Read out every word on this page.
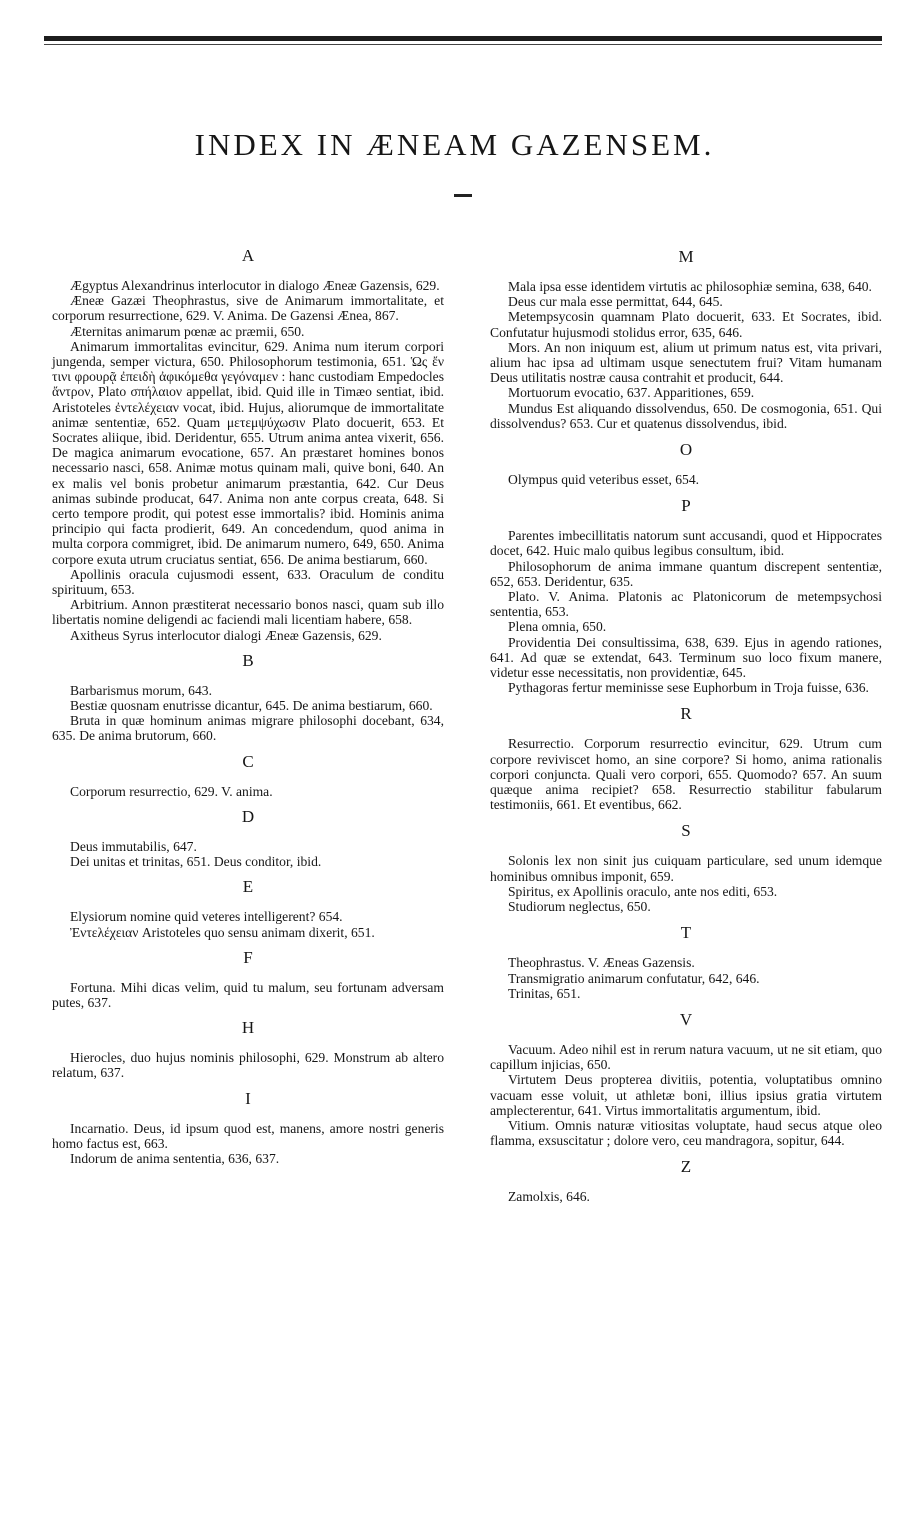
INDEX IN ÆNEAM GAZENSEM.
A

Ægyptus Alexandrinus interlocutor in dialogo Æneæ Gazensis, 629.

Æneæ Gazæi Theophrastus, sive de Animarum immortalitate, et corporum resurrectione, 629. V. Anima. De Gazensi Ænea, 867.

Æternitas animarum pœnæ ac præmii, 650.

Animarum immortalitas evincitur, 629. Anima num iterum corpori jungenda, semper victura, 650. Philosophorum testimonia, 651. Ὡς ἔν τινι φρουρᾷ ἐπειδὴ ἀφικόμεθα γεγόναμεν : hanc custodiam Empedocles ἄντρον, Plato σπήλαιον appellat, ibid. Quid ille in Timæo sentiat, ibid. Aristoteles ἐντελέχειαν vocat, ibid. Hujus, aliorumque de immortalitate animæ sententiæ, 652. Quam μετεμψύχωσιν Plato docuerit, 653. Et Socrates aliique, ibid. Deridentur, 655. Utrum anima antea vixerit, 656. De magica animarum evocatione, 657. An præstaret homines bonos necessario nasci, 658. Animæ motus quinam mali, quive boni, 640. An ex malis vel bonis probetur animarum præstantia, 642. Cur Deus animas subinde producat, 647. Anima non ante corpus creata, 648. Si certo tempore prodit, qui potest esse immortalis? ibid. Hominis anima principio qui facta prodierit, 649. An concedendum, quod anima in multa corpora commigret, ibid. De animarum numero, 649, 650. Anima corpore exuta utrum cruciatus sentiat, 656. De anima bestiarum, 660.

Apollinis oracula cujusmodi essent, 633. Oraculum de conditu spirituum, 653.

Arbitrium. Annon præstiterat necessario bonos nasci, quam sub illo libertatis nomine deligendi ac faciendi mali licentiam habere, 658.

Axitheus Syrus interlocutor dialogi Æneæ Gazensis, 629.

B

Barbarismus morum, 643.

Bestiæ quosnam enutrisse dicantur, 645. De anima bestiarum, 660.

Bruta in quæ hominum animas migrare philosophi docebant, 634, 635. De anima brutorum, 660.

C

Corporum resurrectio, 629. V. anima.

D

Deus immutabilis, 647.

Dei unitas et trinitas, 651. Deus conditor, ibid.

E

Elysiorum nomine quid veteres intelligerent? 654.

Ἐντελέχειαν Aristoteles quo sensu animam dixerit, 651.

F

Fortuna. Mihi dicas velim, quid tu malum, seu fortunam adversam putes, 637.

H

Hierocles, duo hujus nominis philosophi, 629. Monstrum ab altero relatum, 637.

I

Incarnatio. Deus, id ipsum quod est, manens, amore nostri generis homo factus est, 663.

Indorum de anima sententia, 636, 637.

M

Mala ipsa esse identidem virtutis ac philosophiæ semina, 638, 640.

Deus cur mala esse permittat, 644, 645.

Metempsycosin quamnam Plato docuerit, 633. Et Socrates, ibid. Confutatur hujusmodi stolidus error, 635, 646.

Mors. An non iniquum est, alium ut primum natus est, vita privari, alium hac ipsa ad ultimam usque senectutem frui? Vitam humanam Deus utilitatis nostræ causa contrahit et producit, 644.

Mortuorum evocatio, 637. Apparitiones, 659.

Mundus Est aliquando dissolvendus, 650. De cosmogonia, 651. Qui dissolvendus? 653. Cur et quatenus dissolvendus, ibid.

O

Olympus quid veteribus esset, 654.

P

Parentes imbecillitatis natorum sunt accusandi, quod et Hippocrates docet, 642. Huic malo quibus legibus consultum, ibid.

Philosophorum de anima immane quantum discrepent sententiæ, 652, 653. Deridentur, 635.

Plato. V. Anima. Platonis ac Platonicorum de metempsychosi sententia, 653.

Plena omnia, 650.

Providentia Dei consultissima, 638, 639. Ejus in agendo rationes, 641. Ad quæ se extendat, 643. Terminum suo loco fixum manere, videtur esse necessitatis, non providentiæ, 645.

Pythagoras fertur meminisse sese Euphorbum in Troja fuisse, 636.

R

Resurrectio. Corporum resurrectio evincitur, 629. Utrum cum corpore reviviscet homo, an sine corpore? Si homo, anima rationalis corpori conjuncta. Quali vero corpori, 655. Quomodo? 657. An suum quæque anima recipiet? 658. Resurrectio stabilitur fabularum testimoniis, 661. Et eventibus, 662.

S

Solonis lex non sinit jus cuiquam particulare, sed unum idemque hominibus omnibus imponit, 659.

Spiritus, ex Apollinis oraculo, ante nos editi, 653.

Studiorum neglectus, 650.

T

Theophrastus. V. Æneas Gazensis.

Transmigratio animarum confutatur, 642, 646.

Trinitas, 651.

V

Vacuum. Adeo nihil est in rerum natura vacuum, ut ne sit etiam, quo capillum injicias, 650.

Virtutem Deus propterea divitiis, potentia, voluptatibus omnino vacuam esse voluit, ut athletæ boni, illius ipsius gratia virtutem amplecterentur, 641. Virtus immortalitatis argumentum, ibid.

Vitium. Omnis naturæ vitiositas voluptate, haud secus atque oleo flamma, exsuscitatur ; dolore vero, ceu mandragora, sopitur, 644.

Z

Zamolxis, 646.
